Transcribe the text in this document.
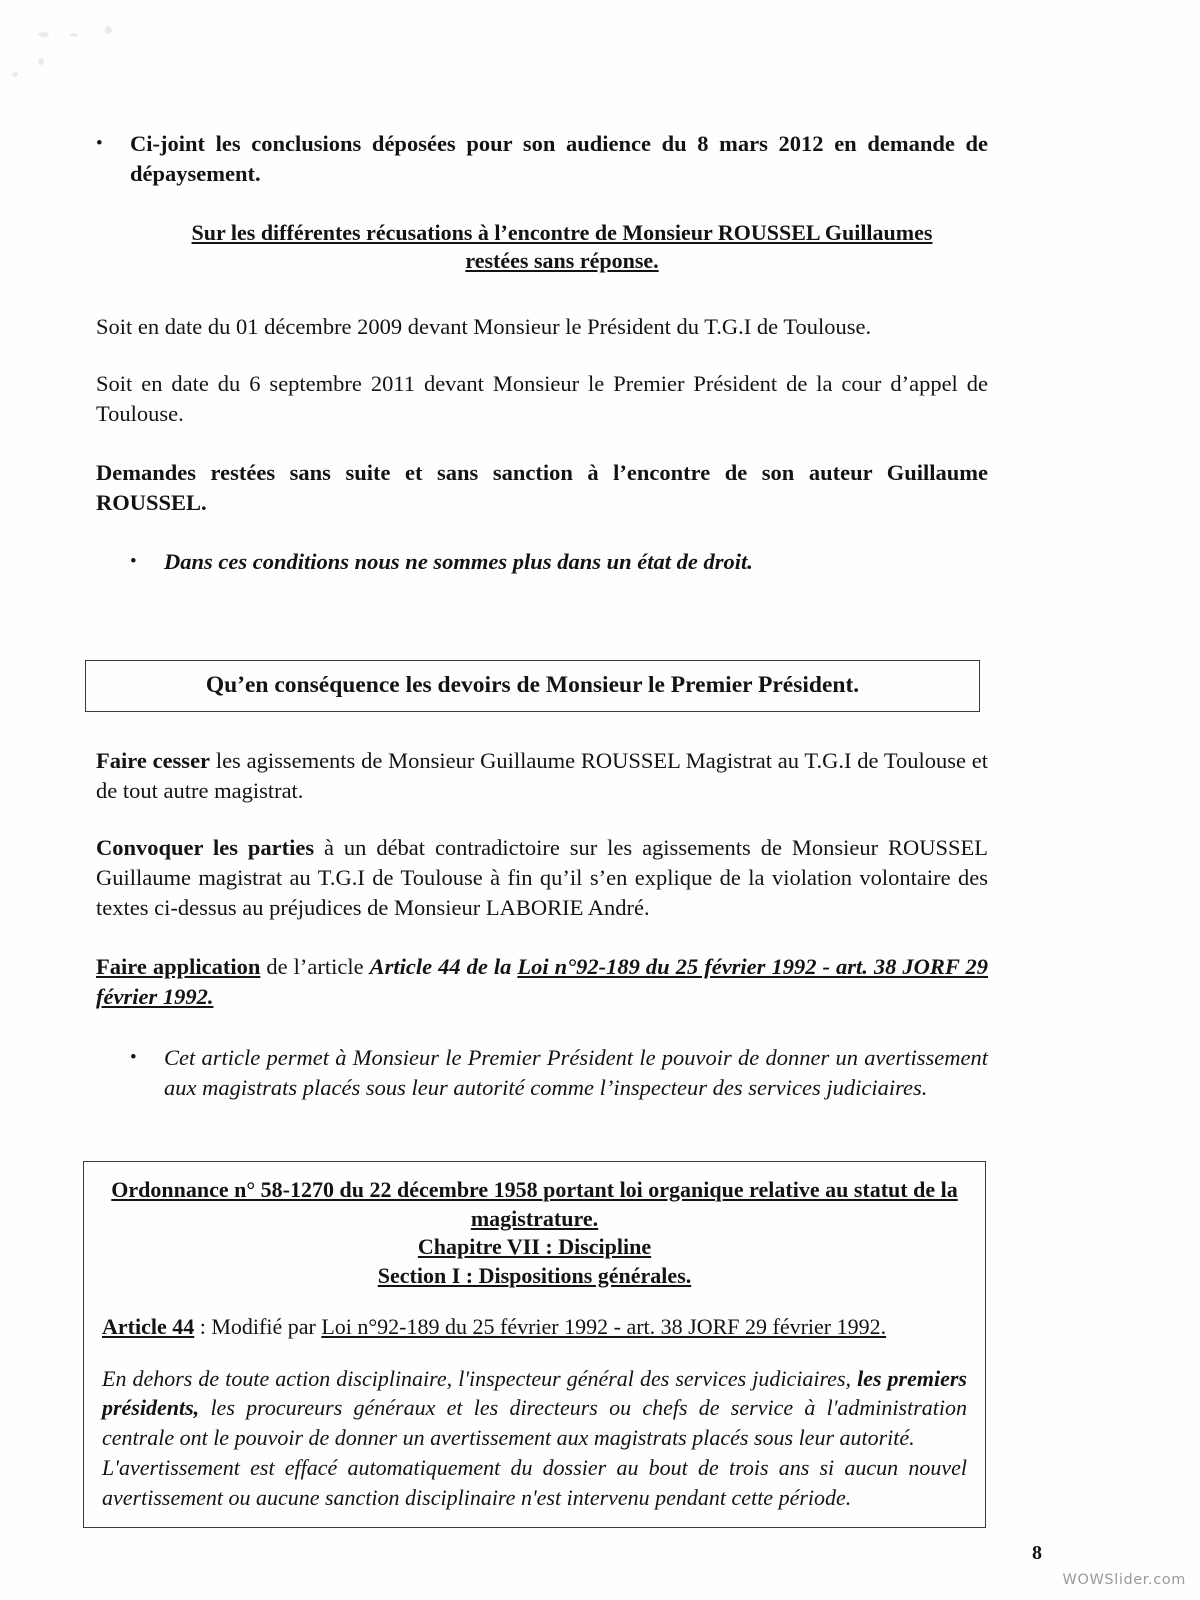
•	Ci-joint les conclusions déposées pour son audience du 8 mars 2012 en demande de dépaysement.
Sur les différentes récusations à l’encontre de Monsieur ROUSSEL Guillaumes
restées sans réponse.

Soit en date du 01 décembre 2009 devant Monsieur le Président du T.G.I de Toulouse.

Soit en date du 6 septembre 2011 devant Monsieur le Premier Président de la cour d’appel de Toulouse.

Demandes restées sans suite et sans sanction à l’encontre de son auteur Guillaume ROUSSEL.

•	Dans ces conditions nous ne sommes plus dans un état de droit.
Qu’en conséquence les devoirs de Monsieur le Premier Président.

Faire cesser les agissements de Monsieur Guillaume ROUSSEL Magistrat au T.G.I de Toulouse et de tout autre magistrat.

Convoquer les parties à un débat contradictoire sur les agissements de Monsieur ROUSSEL Guillaume magistrat au T.G.I de Toulouse à fin qu’il s’en explique de la violation volontaire des textes ci-dessus au préjudices de Monsieur LABORIE André.

Faire application de l’article Article 44 de la Loi n°92-189 du 25 février 1992 - art. 38 JORF 29 février 1992.

•	Cet article permet à Monsieur le Premier Président le pouvoir de donner un avertissement aux magistrats placés sous leur autorité comme l’inspecteur des services judiciaires.
Ordonnance n° 58-1270 du 22 décembre 1958 portant loi organique relative au statut de la
magistrature.
Chapitre VII : Discipline
Section I : Dispositions générales.
Article 44 : Modifié par Loi n°92-189 du 25 février 1992 - art. 38 JORF 29 février 1992.

En dehors de toute action disciplinaire, l'inspecteur général des services judiciaires, les premiers présidents, les procureurs généraux et les directeurs ou chefs de service à l'administration centrale ont le pouvoir de donner un avertissement aux magistrats placés sous leur autorité.

L'avertissement est effacé automatiquement du dossier au bout de trois ans si aucun nouvel avertissement ou aucune sanction disciplinaire n'est intervenu pendant cette période.

8
WOWSlider.com
